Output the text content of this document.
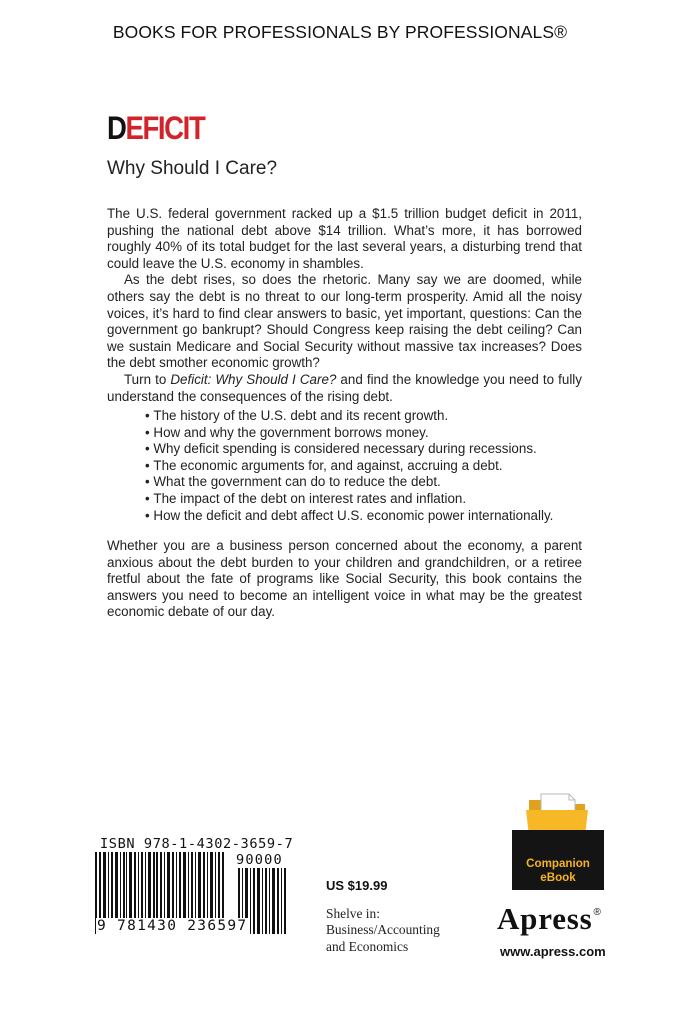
BOOKS FOR PROFESSIONALS BY PROFESSIONALS®
DEFICIT
Why Should I Care?

The U.S. federal government racked up a $1.5 trillion budget deficit in 2011, pushing the national debt above $14 trillion. What’s more, it has borrowed roughly 40% of its total budget for the last several years, a disturbing trend that could leave the U.S. economy in shambles.

As the debt rises, so does the rhetoric. Many say we are doomed, while others say the debt is no threat to our long-term prosperity. Amid all the noisy voices, it’s hard to find clear answers to basic, yet important, questions: Can the government go bankrupt? Should Congress keep raising the debt ceiling? Can we sustain Medicare and Social Security without massive tax increases? Does the debt smother economic growth?

Turn to Deficit: Why Should I Care? and find the knowledge you need to fully understand the consequences of the rising debt.

• The history of the U.S. debt and its recent growth.
• How and why the government borrows money.
• Why deficit spending is considered necessary during recessions.
• The economic arguments for, and against, accruing a debt.
• What the government can do to reduce the debt.
• The impact of the debt on interest rates and inflation.
• How the deficit and debt affect U.S. economic power internationally.

Whether you are a business person concerned about the economy, a parent anxious about the debt burden to your children and grandchildren, or a retiree fretful about the fate of programs like Social Security, this book contains the answers you need to become an intelligent voice in what may be the greatest economic debate of our day.

ISBN 978-1-4302-3659-7
90000
9 781430 236597
US $19.99
Shelve in:
Business/Accounting
and Economics
Companion
eBook
Apress®
www.apress.com
